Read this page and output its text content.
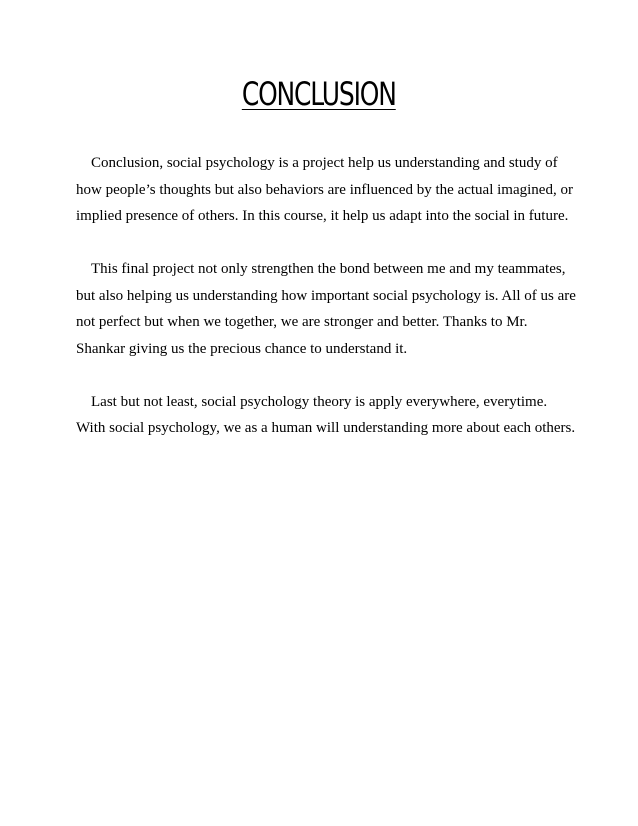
CONCLUSION

Conclusion, social psychology is a project help us understanding and study of
how people’s thoughts but also behaviors are influenced by the actual imagined, or
implied presence of others. In this course, it help us adapt into the social in future.

This final project not only strengthen the bond between me and my teammates,
but also helping us understanding how important social psychology is. All of us are
not perfect but when we together, we are stronger and better. Thanks to Mr.
Shankar giving us the precious chance to understand it.

Last but not least, social psychology theory is apply everywhere, everytime.
With social psychology, we as a human will understanding more about each others.
